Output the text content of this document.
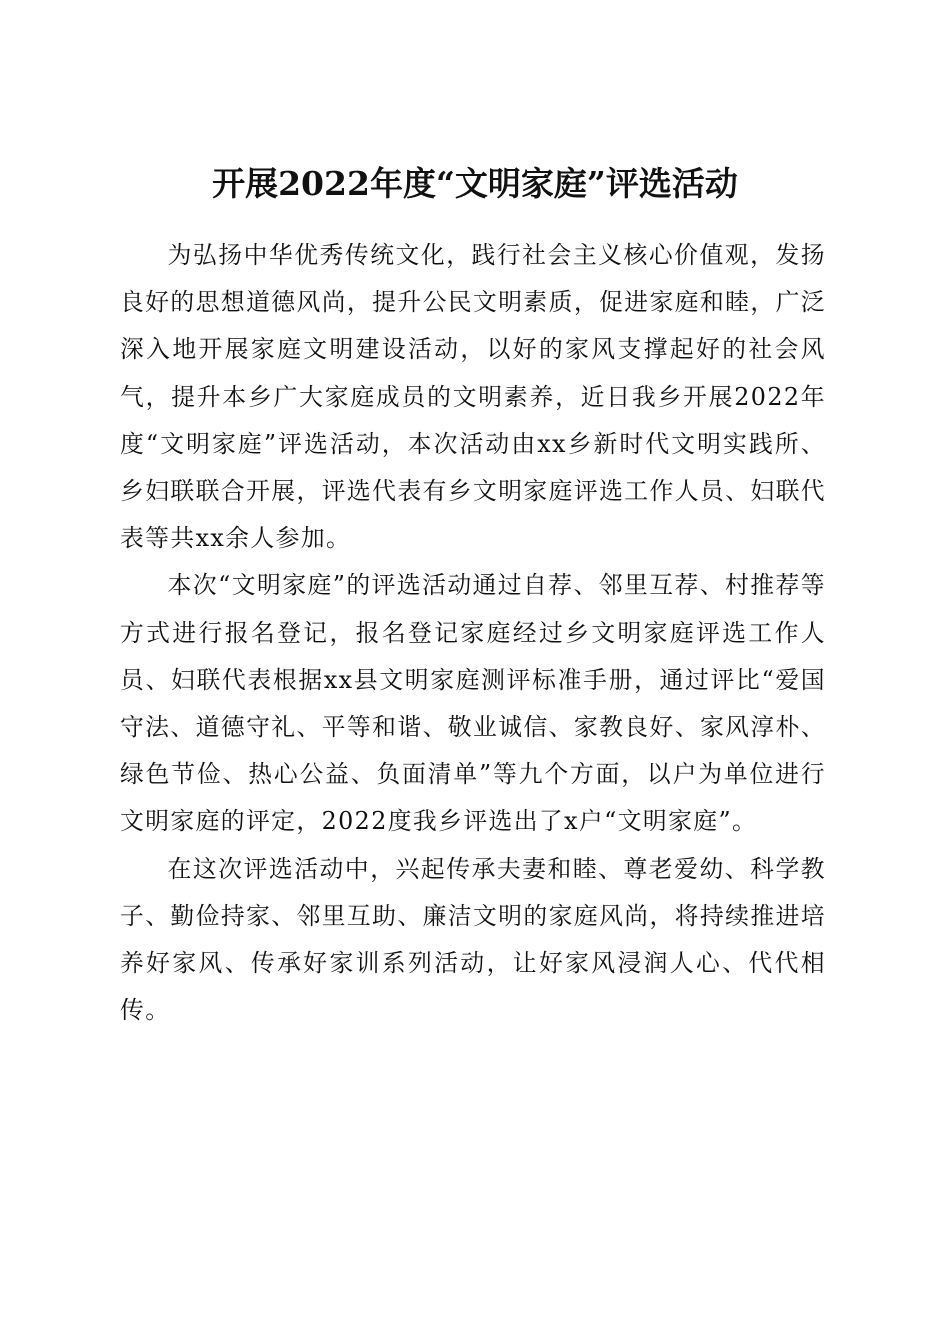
开展2022年度“文明家庭”评选活动

为弘扬中华优秀传统文化，践行社会主义核心价值观，发扬良好的思想道德风尚，提升公民文明素质，促进家庭和睦，广泛深入地开展家庭文明建设活动，以好的家风支撑起好的社会风气，提升本乡广大家庭成员的文明素养，近日我乡开展2022年度“文明家庭”评选活动，本次活动由xx乡新时代文明实践所、乡妇联联合开展，评选代表有乡文明家庭评选工作人员、妇联代表等共xx余人参加。

本次“文明家庭”的评选活动通过自荐、邻里互荐、村推荐等方式进行报名登记，报名登记家庭经过乡文明家庭评选工作人员、妇联代表根据xx县文明家庭测评标准手册，通过评比“爱国守法、道德守礼、平等和谐、敬业诚信、家教良好、家风淳朴、绿色节俭、热心公益、负面清单”等九个方面，以户为单位进行文明家庭的评定，2022度我乡评选出了x户“文明家庭”。

在这次评选活动中，兴起传承夫妻和睦、尊老爱幼、科学教子、勤俭持家、邻里互助、廉洁文明的家庭风尚，将持续推进培养好家风、传承好家训系列活动，让好家风浸润人心、代代相传。
